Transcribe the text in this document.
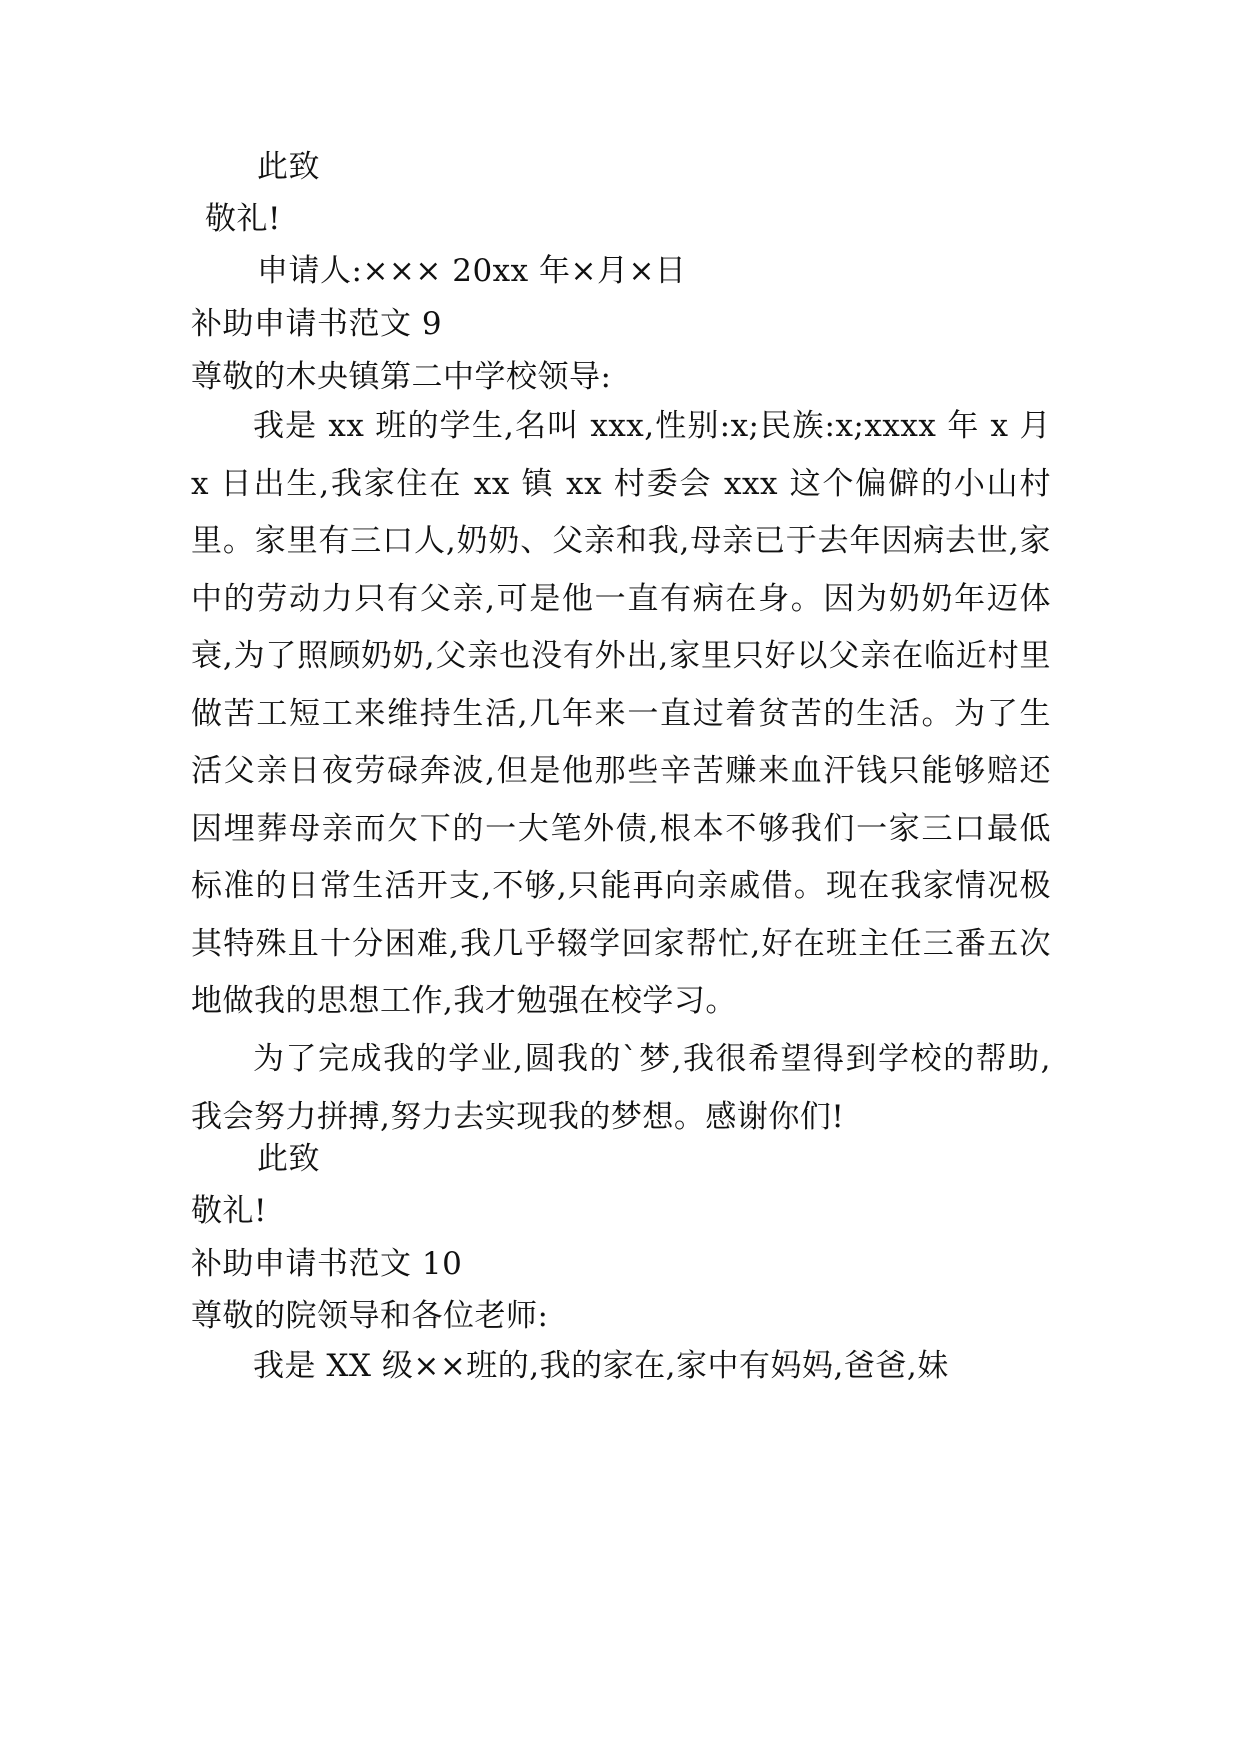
此致
敬礼!
申请人:××× 20xx 年×月×日
补助申请书范文 9
尊敬的木央镇第二中学校领导:
我是 xx 班的学生,名叫 xxx,性别:x;民族:x;xxxx 年 x 月 x 日出生,我家住在 xx 镇 xx 村委会 xxx 这个偏僻的小山村里。家里有三口人,奶奶、父亲和我,母亲已于去年因病去世,家中的劳动力只有父亲,可是他一直有病在身。因为奶奶年迈体衰,为了照顾奶奶,父亲也没有外出,家里只好以父亲在临近村里做苦工短工来维持生活,几年来一直过着贫苦的生活。为了生活父亲日夜劳碌奔波,但是他那些辛苦赚来血汗钱只能够赔还因埋葬母亲而欠下的一大笔外债,根本不够我们一家三口最低标准的日常生活开支,不够,只能再向亲戚借。现在我家情况极其特殊且十分困难,我几乎辍学回家帮忙,好在班主任三番五次地做我的思想工作,我才勉强在校学习。
为了完成我的学业,圆我的`梦,我很希望得到学校的帮助,我会努力拼搏,努力去实现我的梦想。感谢你们!
此致
敬礼!
补助申请书范文 10
尊敬的院领导和各位老师:
我是 XX 级××班的,我的家在,家中有妈妈,爸爸,妹
